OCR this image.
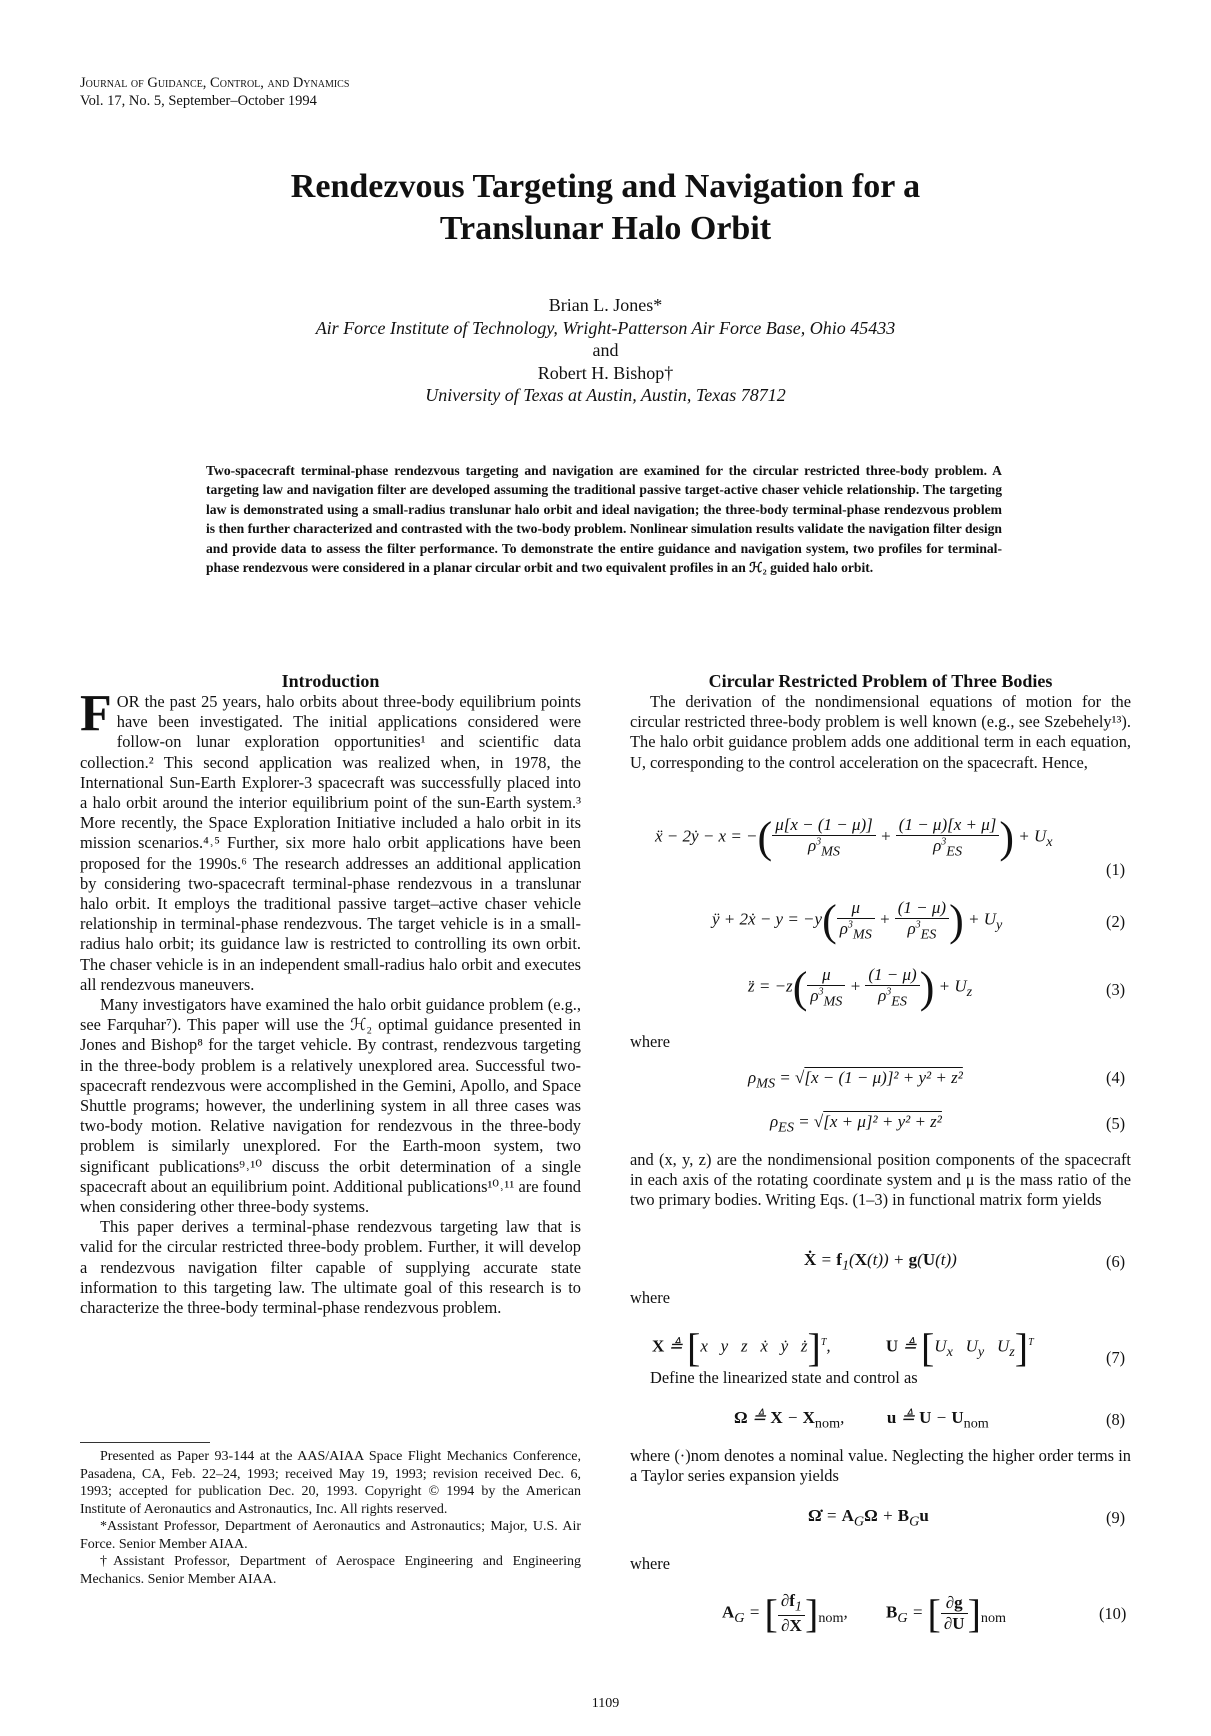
Journal of Guidance, Control, and Dynamics
Vol. 17, No. 5, September–October 1994
Rendezvous Targeting and Navigation for a
Translunar Halo Orbit
Brian L. Jones*
Air Force Institute of Technology, Wright-Patterson Air Force Base, Ohio 45433
and
Robert H. Bishop†
University of Texas at Austin, Austin, Texas 78712
Two-spacecraft terminal-phase rendezvous targeting and navigation are examined for the circular restricted three-body problem. A targeting law and navigation filter are developed assuming the traditional passive target-active chaser vehicle relationship. The targeting law is demonstrated using a small-radius translunar halo orbit and ideal navigation; the three-body terminal-phase rendezvous problem is then further characterized and contrasted with the two-body problem. Nonlinear simulation results validate the navigation filter design and provide data to assess the filter performance. To demonstrate the entire guidance and navigation system, two profiles for terminal-phase rendezvous were considered in a planar circular orbit and two equivalent profiles in an ℋ₂ guided halo orbit.
Introduction

FOR the past 25 years, halo orbits about three-body equilibrium points have been investigated. The initial applications considered were follow-on lunar exploration opportunities¹ and scientific data collection.² This second application was realized when, in 1978, the International Sun-Earth Explorer-3 spacecraft was successfully placed into a halo orbit around the interior equilibrium point of the sun-Earth system.³ More recently, the Space Exploration Initiative included a halo orbit in its mission scenarios.⁴˒⁵ Further, six more halo orbit applications have been proposed for the 1990s.⁶ The research addresses an additional application by considering two-spacecraft terminal-phase rendezvous in a translunar halo orbit. It employs the traditional passive target–active chaser vehicle relationship in terminal-phase rendezvous. The target vehicle is in a small-radius halo orbit; its guidance law is restricted to controlling its own orbit. The chaser vehicle is in an independent small-radius halo orbit and executes all rendezvous maneuvers.

Many investigators have examined the halo orbit guidance problem (e.g., see Farquhar⁷). This paper will use the ℋ₂ optimal guidance presented in Jones and Bishop⁸ for the target vehicle. By contrast, rendezvous targeting in the three-body problem is a relatively unexplored area. Successful two-spacecraft rendezvous were accomplished in the Gemini, Apollo, and Space Shuttle programs; however, the underlining system in all three cases was two-body motion. Relative navigation for rendezvous in the three-body problem is similarly unexplored. For the Earth-moon system, two significant publications⁹˒¹⁰ discuss the orbit determination of a single spacecraft about an equilibrium point. Additional publications¹⁰˒¹¹ are found when considering other three-body systems.

This paper derives a terminal-phase rendezvous targeting law that is valid for the circular restricted three-body problem. Further, it will develop a rendezvous navigation filter capable of supplying accurate state information to this targeting law. The ultimate goal of this research is to characterize the three-body terminal-phase rendezvous problem.

Presented as Paper 93-144 at the AAS/AIAA Space Flight Mechanics Conference, Pasadena, CA, Feb. 22–24, 1993; received May 19, 1993; revision received Dec. 6, 1993; accepted for publication Dec. 20, 1993. Copyright © 1994 by the American Institute of Aeronautics and Astronautics, Inc. All rights reserved.

*Assistant Professor, Department of Aeronautics and Astronautics; Major, U.S. Air Force. Senior Member AIAA.

†Assistant Professor, Department of Aerospace Engineering and Engineering Mechanics. Senior Member AIAA.

Circular Restricted Problem of Three Bodies

The derivation of the nondimensional equations of motion for the circular restricted three-body problem is well known (e.g., see Szebehely¹³). The halo orbit guidance problem adds one additional term in each equation, U, corresponding to the control acceleration on the spacecraft. Hence,

ẍ − 2ẏ − x = −( $\frac{\mu[x - (1 - \mu)]}{\rho^3_{MS}} + \frac{(1 - \mu)[x + \mu]}{\rho^3_{ES}}$ ) + $U_x$
(1)
ÿ + 2ẋ − $y = -y( \frac{\mu}{\rho^3_{MS}} + \frac{(1 - \mu)}{\rho^3_{ES}}$ ) + $U_y$	(2)
z̈ = $-z( \frac{\mu}{\rho^3_{MS}} + \frac{(1 - \mu)}{\rho^3_{ES}}$ ) + $U_z$	(3)
where
$\rho_{MS} = √[x - (1 - \mu)]^2 + y^2 + z^2$	(4)
$\rho_{ES} = √[x + \mu]^2 + y^2 + z^2$	(5)
and (x, y, z) are the nondimensional position components of the spacecraft in each axis of the rotating coordinate system and μ is the mass ratio of the two primary bodies. Writing Eqs. (1–3) in functional matrix form yields
Ẋ = $f_1(X(t)) + g(U(t))$	(6)
where
X ≜ [x   y   z   ẋ   ẏ   ż]$^T$,             U ≜ [$U_x$   $U_y$   $U_z]^T$
(7)
Define the linearized state and control as
Ω ≜ $X - X_{nom}$,          u ≜ $U - U_{nom}$	(8)
where (·)nom denotes a nominal value. Neglecting the higher order terms in a Taylor series expansion yields
Ω̇ = $A_G\Omega + B_Gu$	(9)
where
$A_G$ = [ $\frac{\partial f_1}{\partial X} ]_{nom}$,         $B_G$ = [ $\frac{\partial g}{\partial U} ]_{nom}$	(10)
1109
